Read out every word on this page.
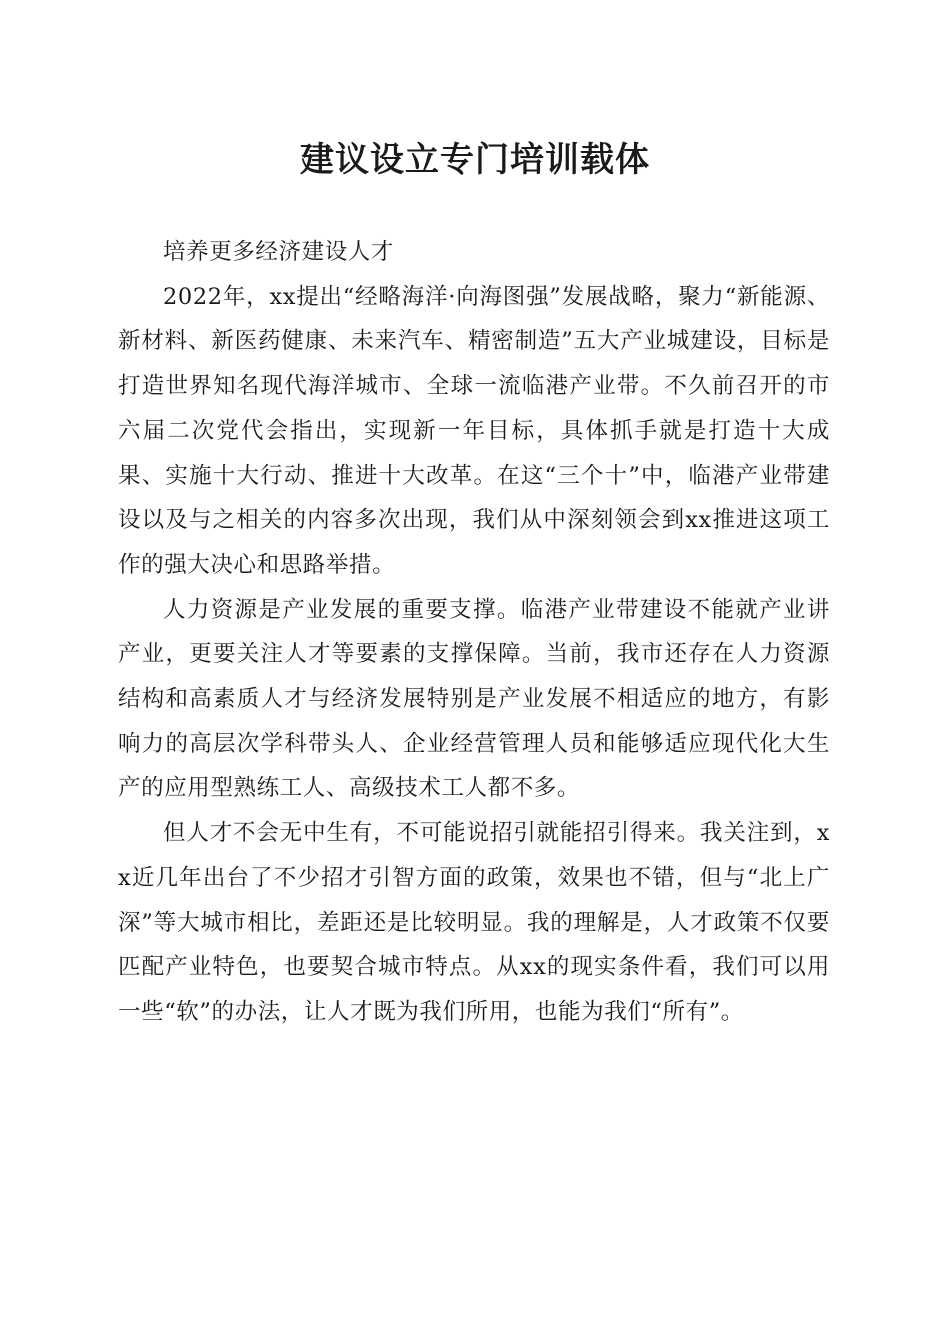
建议设立专门培训载体

培养更多经济建设人才

2022年，xx提出“经略海洋·向海图强”发展战略，聚力“新能源、新材料、新医药健康、未来汽车、精密制造”五大产业城建设，目标是打造世界知名现代海洋城市、全球一流临港产业带。不久前召开的市六届二次党代会指出，实现新一年目标，具体抓手就是打造十大成果、实施十大行动、推进十大改革。在这“三个十”中，临港产业带建设以及与之相关的内容多次出现，我们从中深刻领会到xx推进这项工作的强大决心和思路举措。

人力资源是产业发展的重要支撑。临港产业带建设不能就产业讲产业，更要关注人才等要素的支撑保障。当前，我市还存在人力资源结构和高素质人才与经济发展特别是产业发展不相适应的地方，有影响力的高层次学科带头人、企业经营管理人员和能够适应现代化大生产的应用型熟练工人、高级技术工人都不多。

但人才不会无中生有，不可能说招引就能招引得来。我关注到，xx近几年出台了不少招才引智方面的政策，效果也不错，但与“北上广深”等大城市相比，差距还是比较明显。我的理解是，人才政策不仅要匹配产业特色，也要契合城市特点。从xx的现实条件看，我们可以用一些“软”的办法，让人才既为我们所用，也能为我们“所有”。
